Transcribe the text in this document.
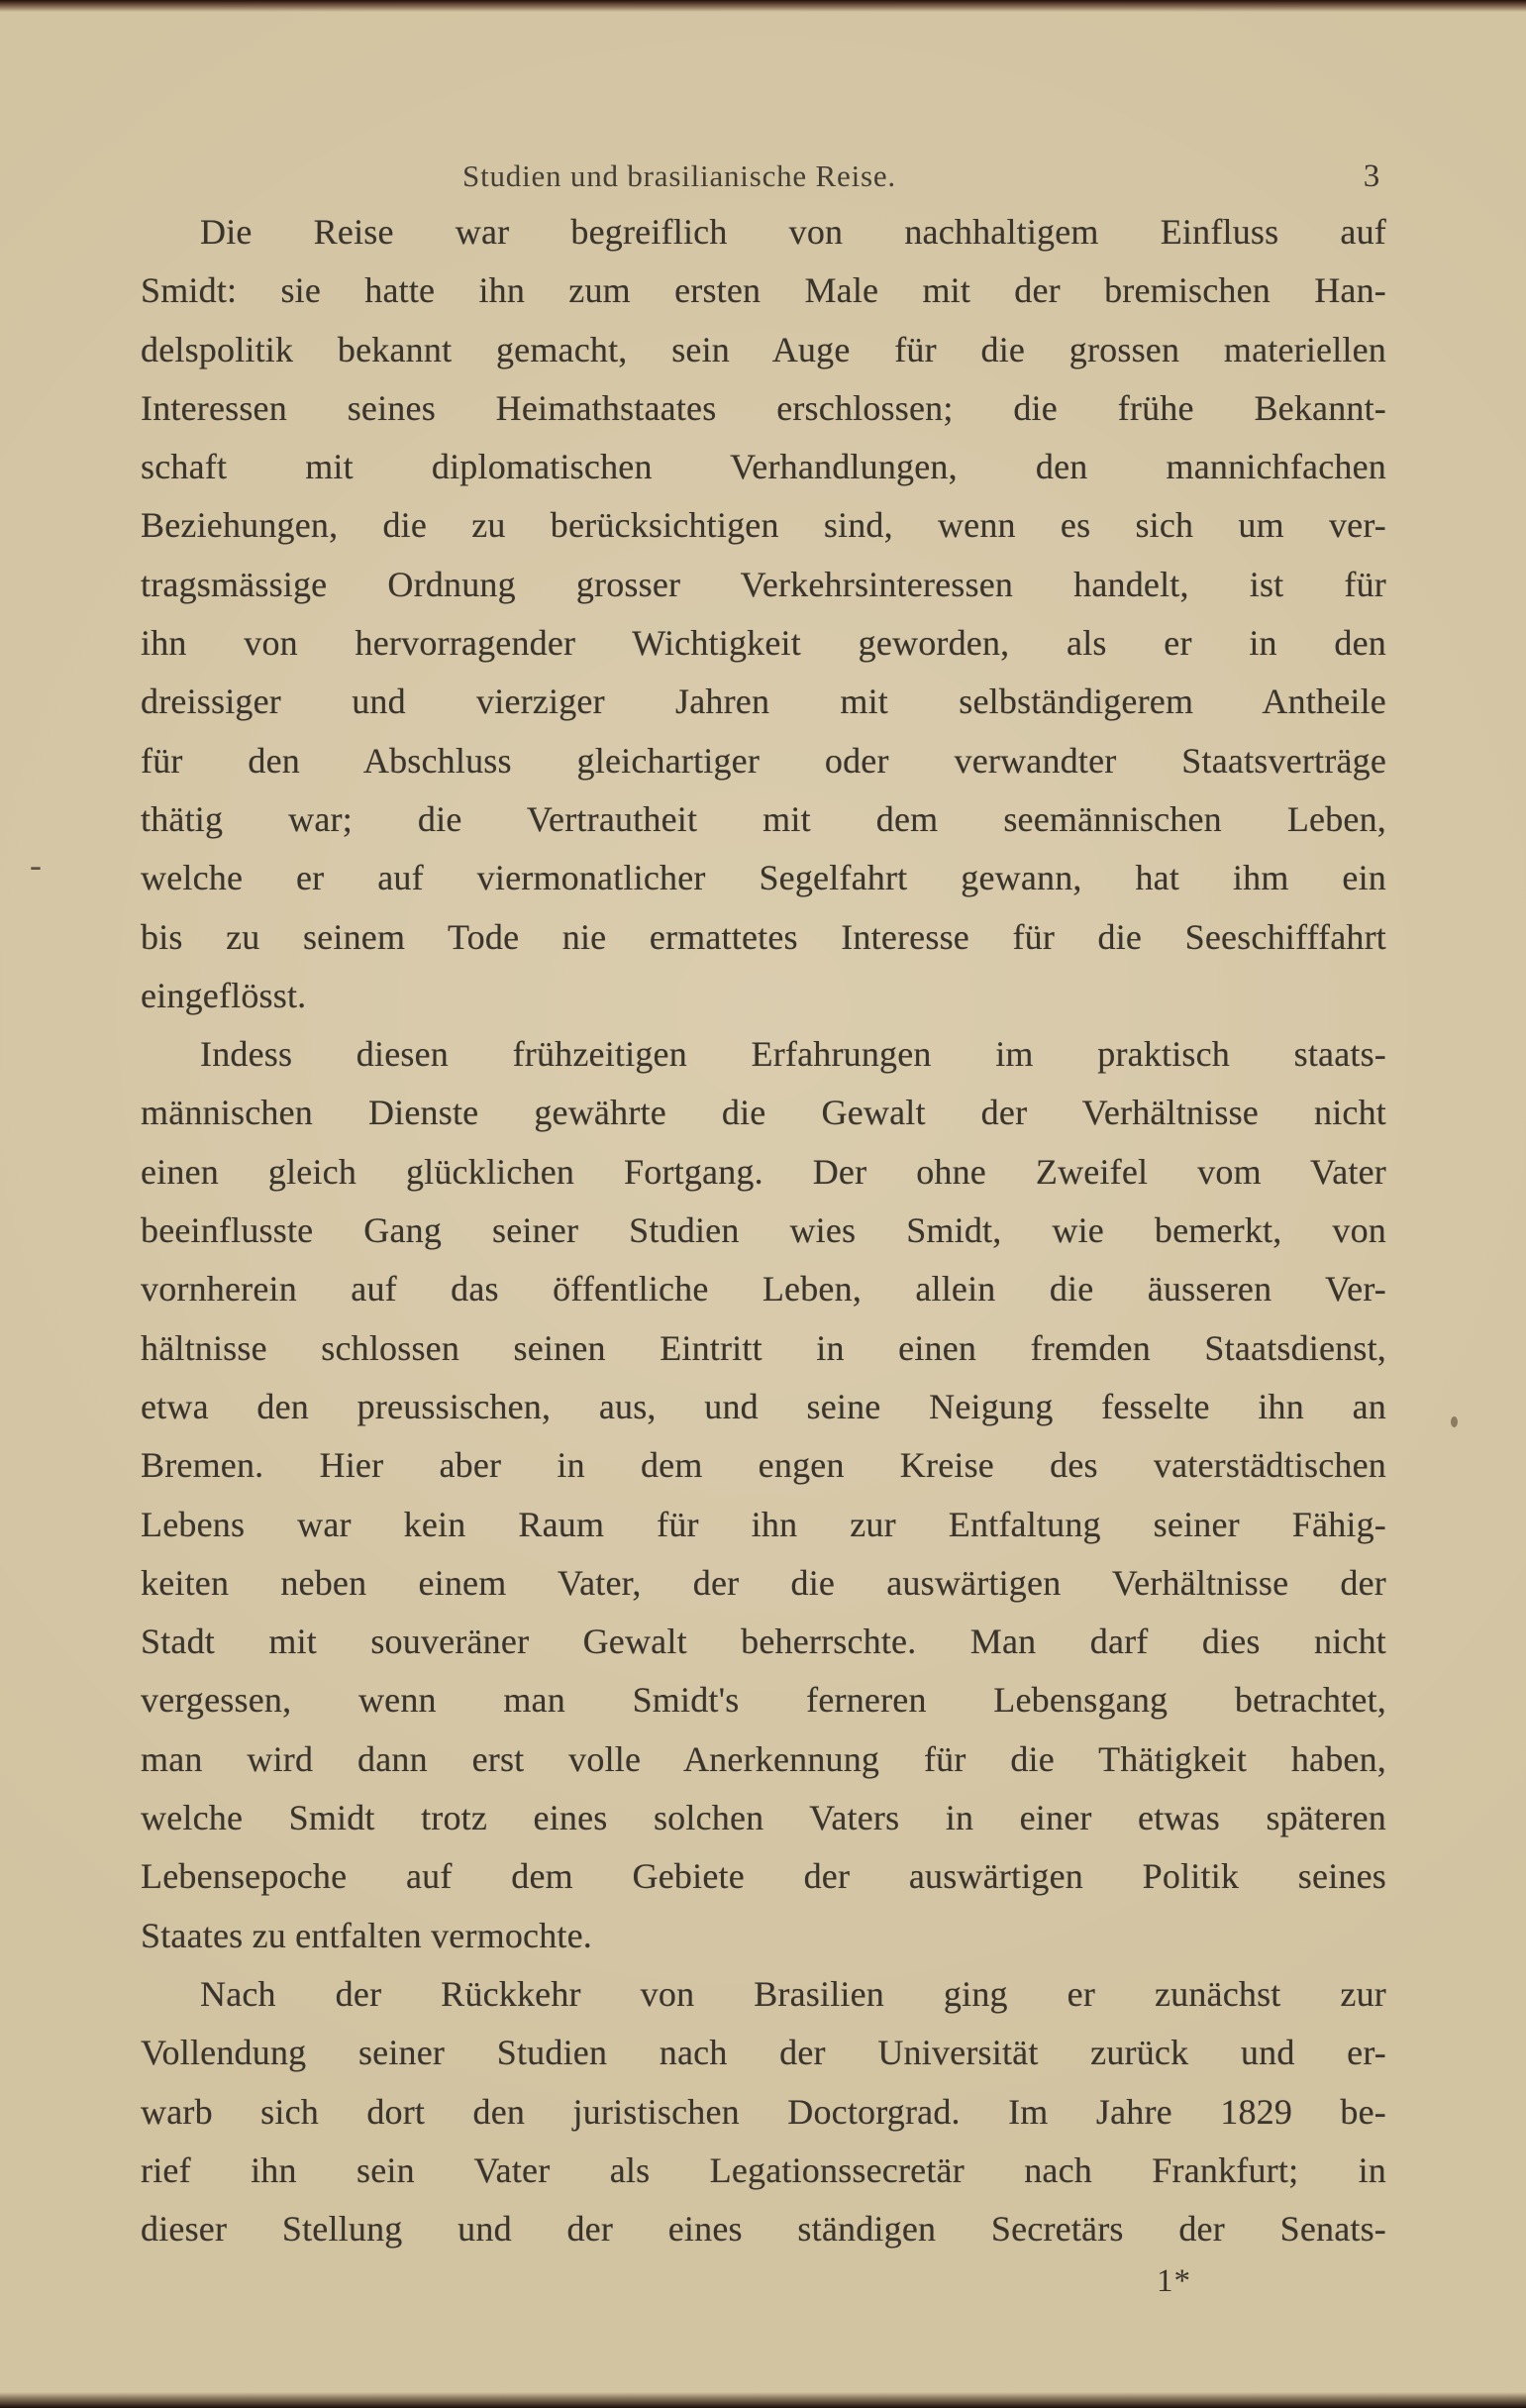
Studien und brasilianische Reise.	3
Die Reise war begreiflich von nachhaltigem Einfluss auf
Smidt: sie hatte ihn zum ersten Male mit der bremischen Han-
delspolitik bekannt gemacht, sein Auge für die grossen materiellen
Interessen seines Heimathstaates erschlossen; die frühe Bekannt-
schaft mit diplomatischen Verhandlungen, den mannichfachen
Beziehungen, die zu berücksichtigen sind, wenn es sich um ver-
tragsmässige Ordnung grosser Verkehrsinteressen handelt, ist für
ihn von hervorragender Wichtigkeit geworden, als er in den
dreissiger und vierziger Jahren mit selbständigerem Antheile
für den Abschluss gleichartiger oder verwandter Staatsverträge
thätig war; die Vertrautheit mit dem seemännischen Leben,
welche er auf viermonatlicher Segelfahrt gewann, hat ihm ein
bis zu seinem Tode nie ermattetes Interesse für die Seeschifffahrt
eingeflösst.
Indess diesen frühzeitigen Erfahrungen im praktisch staats-
männischen Dienste gewährte die Gewalt der Verhältnisse nicht
einen gleich glücklichen Fortgang. Der ohne Zweifel vom Vater
beeinflusste Gang seiner Studien wies Smidt, wie bemerkt, von
vornherein auf das öffentliche Leben, allein die äusseren Ver-
hältnisse schlossen seinen Eintritt in einen fremden Staatsdienst,
etwa den preussischen, aus, und seine Neigung fesselte ihn an
Bremen. Hier aber in dem engen Kreise des vaterstädtischen
Lebens war kein Raum für ihn zur Entfaltung seiner Fähig-
keiten neben einem Vater, der die auswärtigen Verhältnisse der
Stadt mit souveräner Gewalt beherrschte. Man darf dies nicht
vergessen, wenn man Smidt's ferneren Lebensgang betrachtet,
man wird dann erst volle Anerkennung für die Thätigkeit haben,
welche Smidt trotz eines solchen Vaters in einer etwas späteren
Lebensepoche auf dem Gebiete der auswärtigen Politik seines
Staates zu entfalten vermochte.
Nach der Rückkehr von Brasilien ging er zunächst zur
Vollendung seiner Studien nach der Universität zurück und er-
warb sich dort den juristischen Doctorgrad. Im Jahre 1829 be-
rief ihn sein Vater als Legationssecretär nach Frankfurt; in
dieser Stellung und der eines ständigen Secretärs der Senats-
-
1*
